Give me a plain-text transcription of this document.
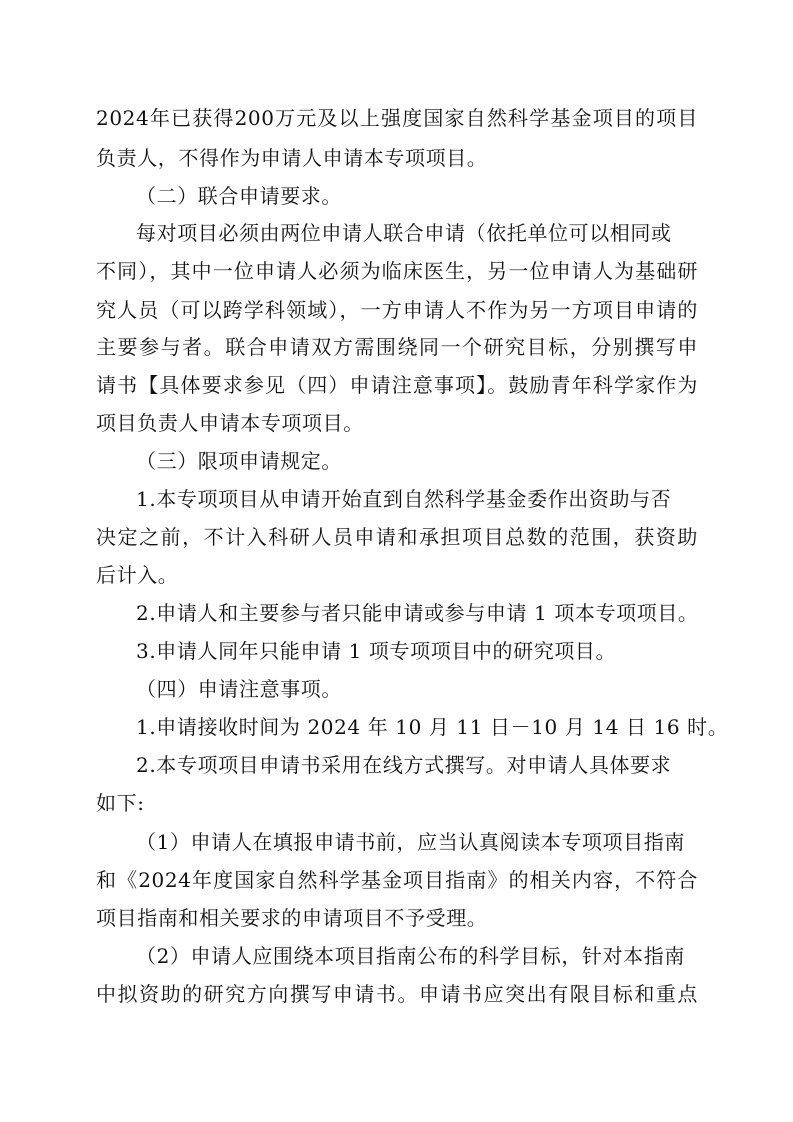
2024年已获得200万元及以上强度国家自然科学基金项目的项目
负责人，不得作为申请人申请本专项项目。
（二）联合申请要求。
每对项目必须由两位申请人联合申请（依托单位可以相同或
不同），其中一位申请人必须为临床医生，另一位申请人为基础研
究人员（可以跨学科领域），一方申请人不作为另一方项目申请的
主要参与者。联合申请双方需围绕同一个研究目标，分别撰写申
请书【具体要求参见（四）申请注意事项】。鼓励青年科学家作为
项目负责人申请本专项项目。
（三）限项申请规定。
1.本专项项目从申请开始直到自然科学基金委作出资助与否
决定之前，不计入科研人员申请和承担项目总数的范围，获资助
后计入。
2.申请人和主要参与者只能申请或参与申请 1 项本专项项目。
3.申请人同年只能申请 1 项专项项目中的研究项目。
（四）申请注意事项。
1.申请接收时间为 2024 年 10 月 11 日－10 月 14 日 16 时。
2.本专项项目申请书采用在线方式撰写。对申请人具体要求
如下:
（1）申请人在填报申请书前，应当认真阅读本专项项目指南
和《2024年度国家自然科学基金项目指南》的相关内容，不符合
项目指南和相关要求的申请项目不予受理。
（2）申请人应围绕本项目指南公布的科学目标，针对本指南
中拟资助的研究方向撰写申请书。申请书应突出有限目标和重点
